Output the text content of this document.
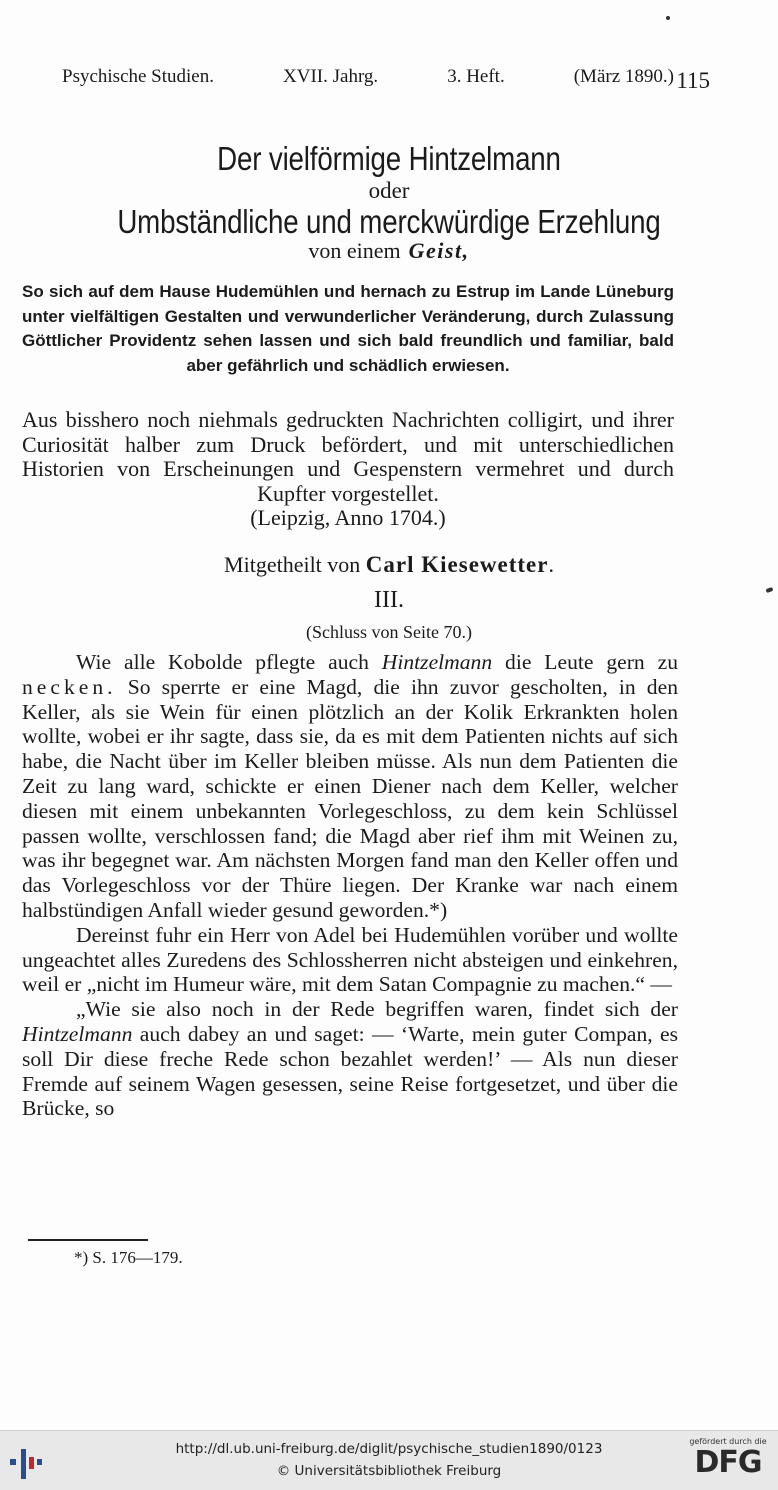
Psychische Studien.	XVII. Jahrg.	3. Heft.	(März 1890.) 115
Der vielförmige Hintzelmann
oder
Umbständliche und merckwürdige Erzehlung
von einem Geist,
So sich auf dem Hause Hudemühlen und hernach zu Estrup im Lande Lüneburg unter vielfältigen Gestalten und verwunderlicher Veränderung, durch Zulassung Göttlicher Providentz sehen lassen und sich bald freundlich und familiar, bald aber gefährlich und schädlich erwiesen.
Aus bisshero noch niehmals gedruckten Nachrichten colligirt, und ihrer Curiosität halber zum Druck befördert, und mit unterschiedlichen Historien von Erscheinungen und Gespenstern vermehret und durch Kupfter vorgestellet.
(Leipzig, Anno 1704.)
Mitgetheilt von Carl Kiesewetter.
III.
(Schluss von Seite 70.)

Wie alle Kobolde pflegte auch Hintzelmann die Leute gern zu necken. So sperrte er eine Magd, die ihn zuvor gescholten, in den Keller, als sie Wein für einen plötzlich an der Kolik Erkrankten holen wollte, wobei er ihr sagte, dass sie, da es mit dem Patienten nichts auf sich habe, die Nacht über im Keller bleiben müsse. Als nun dem Patienten die Zeit zu lang ward, schickte er einen Diener nach dem Keller, welcher diesen mit einem unbekannten Vorlegeschloss, zu dem kein Schlüssel passen wollte, verschlossen fand; die Magd aber rief ihm mit Weinen zu, was ihr begegnet war. Am nächsten Morgen fand man den Keller offen und das Vorlegeschloss vor der Thüre liegen. Der Kranke war nach einem halbstündigen Anfall wieder gesund geworden.*)

Dereinst fuhr ein Herr von Adel bei Hudemühlen vorüber und wollte ungeachtet alles Zuredens des Schlossherren nicht absteigen und einkehren, weil er „nicht im Humeur wäre, mit dem Satan Compagnie zu machen.“ —

„Wie sie also noch in der Rede begriffen waren, findet sich der Hintzelmann auch dabey an und saget: — ‘Warte, mein guter Compan, es soll Dir diese freche Rede schon bezahlet werden!’ — Als nun dieser Fremde auf seinem Wagen gesessen, seine Reise fortgesetzet, und über die Brücke, so

*) S. 176—179.
http://dl.ub.uni-freiburg.de/diglit/psychische_studien1890/0123
© Universitätsbibliothek Freiburg
gefördert durch die
DFG
